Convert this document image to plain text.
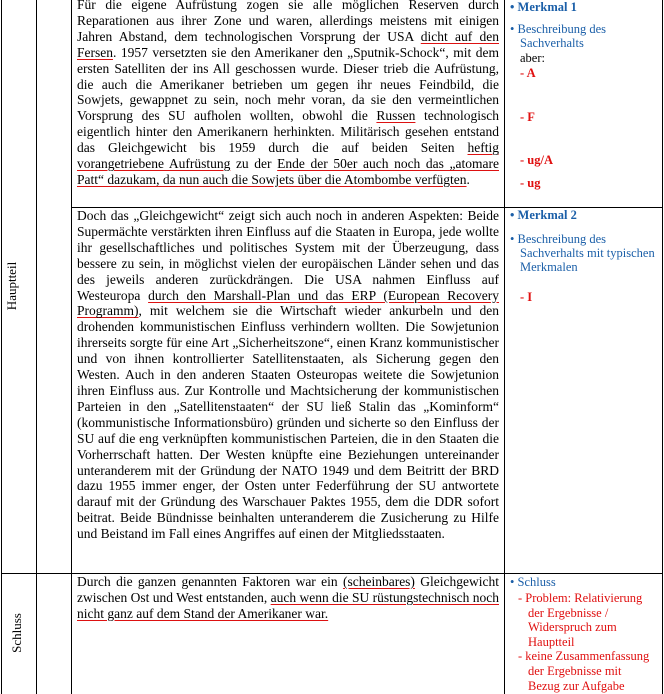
Hauptteil
Schluss
Für die eigene Aufrüstung zogen sie alle möglichen Reserven durch Reparationen aus ihrer Zone und waren, allerdings meistens mit einigen Jahren Abstand, dem technologischen Vorsprung der USA dicht auf den Fersen. 1957 versetzten sie den Amerikaner den „Sputnik-Schock“, mit dem ersten Satelliten der ins All geschossen wurde. Dieser trieb die Aufrüstung, die auch die Amerikaner betrieben um gegen ihr neues Feindbild, die Sowjets, gewappnet zu sein, noch mehr voran, da sie den vermeintlichen Vorsprung des SU aufholen wollten, obwohl die Russen technologisch eigentlich hinter den Amerikanern herhinkten. Militärisch gesehen entstand das Gleichgewicht bis 1959 durch die auf beiden Seiten heftig vorangetriebene Aufrüstung zu der Ende der 50er auch noch das „atomare Patt“ dazukam, da nun auch die Sowjets über die Atombombe verfügten.
• Merkmal 1
• Beschreibung des
Sachverhalts
aber:
- A
- F
- ug/A
- ug
Doch das „Gleichgewicht“ zeigt sich auch noch in anderen Aspekten: Beide Supermächte verstärkten ihren Einfluss auf die Staaten in Europa, jede wollte ihr gesellschaftliches und politisches System mit der Überzeugung, dass bessere zu sein, in möglichst vielen der europäischen Länder sehen und das des jeweils anderen zurückdrängen. Die USA nahmen Einfluss auf Westeuropa durch den Marshall-Plan und das ERP (European Recovery Programm), mit welchem sie die Wirtschaft wieder ankurbeln und den drohenden kommunistischen Einfluss verhindern wollten. Die Sowjetunion ihrerseits sorgte für eine Art „Sicherheitszone“, einen Kranz kommunistischer und von ihnen kontrollierter Satellitenstaaten, als Sicherung gegen den Westen. Auch in den anderen Staaten Osteuropas weitete die Sowjetunion ihren Einfluss aus. Zur Kontrolle und Machtsicherung der kommunistischen Parteien in den „Satellitenstaaten“ der SU ließ Stalin das „Kominform“ (kommunistische Informationsbüro) gründen und sicherte so den Einfluss der SU auf die eng verknüpften kommunistischen Parteien, die in den Staaten die Vorherrschaft hatten. Der Westen knüpfte eine Beziehungen untereinander unteranderem mit der Gründung der NATO 1949 und dem Beitritt der BRD dazu 1955 immer enger, der Osten unter Federführung der SU antwortete darauf mit der Gründung des Warschauer Paktes 1955, dem die DDR sofort beitrat. Beide Bündnisse beinhalten unteranderem die Zusicherung zu Hilfe und Beistand im Fall eines Angriffes auf einen der Mitgliedsstaaten.
• Merkmal 2
• Beschreibung des
Sachverhalts mit typischen
Merkmalen
- I
Durch die ganzen genannten Faktoren war ein (scheinbares) Gleichgewicht zwischen Ost und West entstanden, auch wenn die SU rüstungstechnisch noch nicht ganz auf dem Stand der Amerikaner war.
• Schluss
- Problem: Relativierung
der Ergebnisse /
Widerspruch zum
Hauptteil
- keine Zusammenfassung
der Ergebnisse mit
Bezug zur Aufgabe
